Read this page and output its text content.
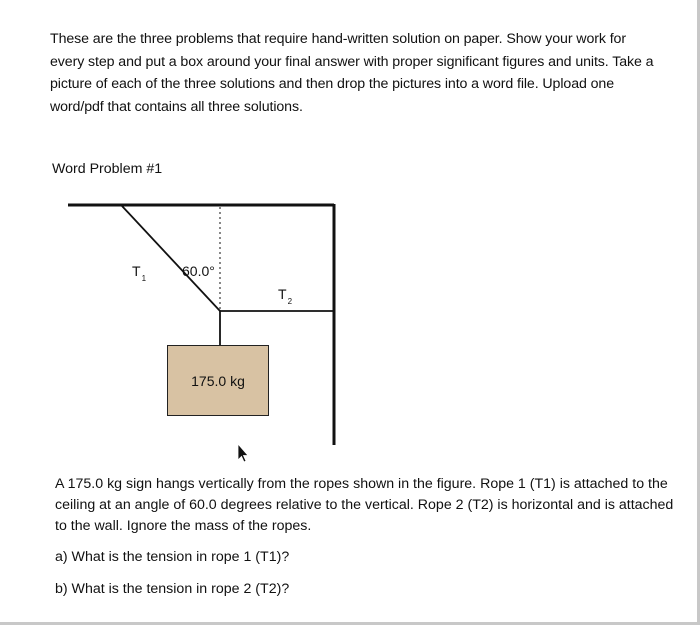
These are the three problems that require hand-written solution on paper. Show your work for
every step and put a box around your final answer with proper significant figures and units. Take a
picture of each of the three solutions and then drop the pictures into a word file. Upload one
word/pdf that contains all three solutions.
Word Problem #1
$T_1$	60.0°
$T_2$
175.0 kg
A 175.0 kg sign hangs vertically from the ropes shown in the figure. Rope 1 (T1) is attached to the
ceiling at an angle of 60.0 degrees relative to the vertical. Rope 2 (T2) is horizontal and is attached
to the wall. Ignore the mass of the ropes.
a) What is the tension in rope 1 (T1)?
b) What is the tension in rope 2 (T2)?
